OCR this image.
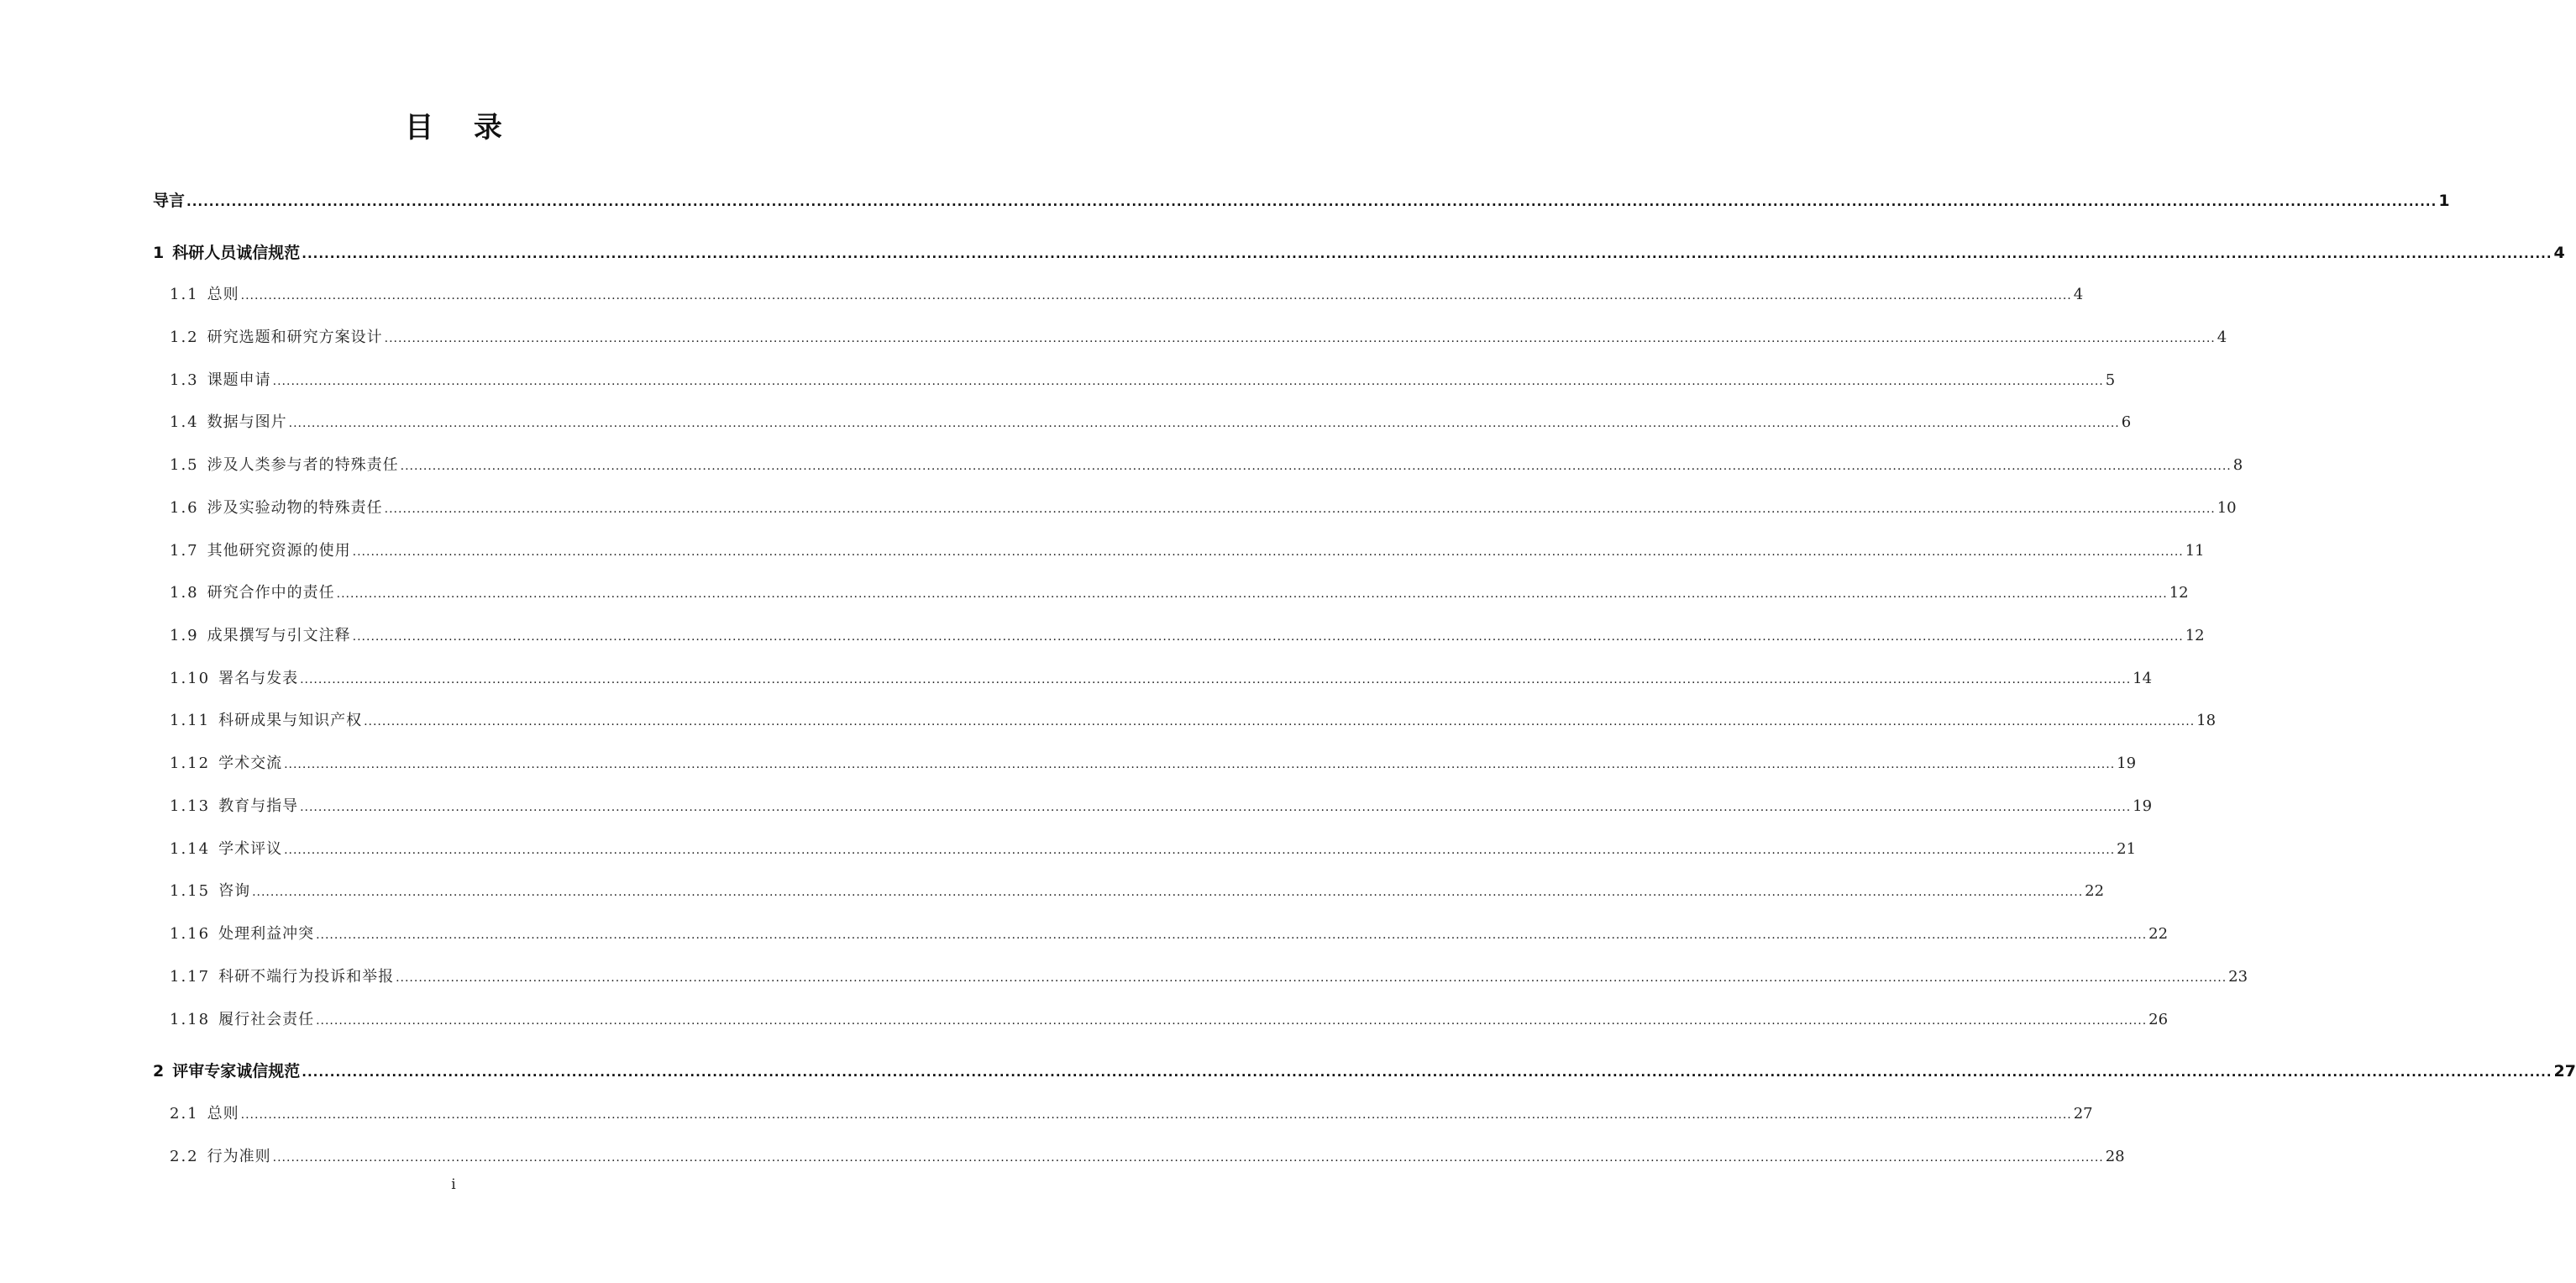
目 录
导言 ................................................................................................................................................................................................................................................................................................................................................................................................................ 1
1 科研人员诚信规范 ................................................................................................................................................................................................................................................................................................................................................................................................................ 4
1.1 总则 ................................................................................................................................................................................................................................................................................................................................................................................................................ 4
1.2 研究选题和研究方案设计 ................................................................................................................................................................................................................................................................................................................................................................................................................ 4
1.3 课题申请 ................................................................................................................................................................................................................................................................................................................................................................................................................ 5
1.4 数据与图片 ................................................................................................................................................................................................................................................................................................................................................................................................................ 6
1.5 涉及人类参与者的特殊责任 ................................................................................................................................................................................................................................................................................................................................................................................................................ 8
1.6 涉及实验动物的特殊责任 ................................................................................................................................................................................................................................................................................................................................................................................................................ 10
1.7 其他研究资源的使用 ................................................................................................................................................................................................................................................................................................................................................................................................................ 11
1.8 研究合作中的责任 ................................................................................................................................................................................................................................................................................................................................................................................................................ 12
1.9 成果撰写与引文注释 ................................................................................................................................................................................................................................................................................................................................................................................................................ 12
1.10 署名与发表 ................................................................................................................................................................................................................................................................................................................................................................................................................ 14
1.11 科研成果与知识产权 ................................................................................................................................................................................................................................................................................................................................................................................................................ 18
1.12 学术交流 ................................................................................................................................................................................................................................................................................................................................................................................................................ 19
1.13 教育与指导 ................................................................................................................................................................................................................................................................................................................................................................................................................ 19
1.14 学术评议 ................................................................................................................................................................................................................................................................................................................................................................................................................ 21
1.15 咨询 ................................................................................................................................................................................................................................................................................................................................................................................................................ 22
1.16 处理利益冲突 ................................................................................................................................................................................................................................................................................................................................................................................................................ 22
1.17 科研不端行为投诉和举报 ................................................................................................................................................................................................................................................................................................................................................................................................................ 23
1.18 履行社会责任 ................................................................................................................................................................................................................................................................................................................................................................................................................ 26
2 评审专家诚信规范 ................................................................................................................................................................................................................................................................................................................................................................................................................ 27
2.1 总则 ................................................................................................................................................................................................................................................................................................................................................................................................................ 27
2.2 行为准则 ................................................................................................................................................................................................................................................................................................................................................................................................................ 28
i
